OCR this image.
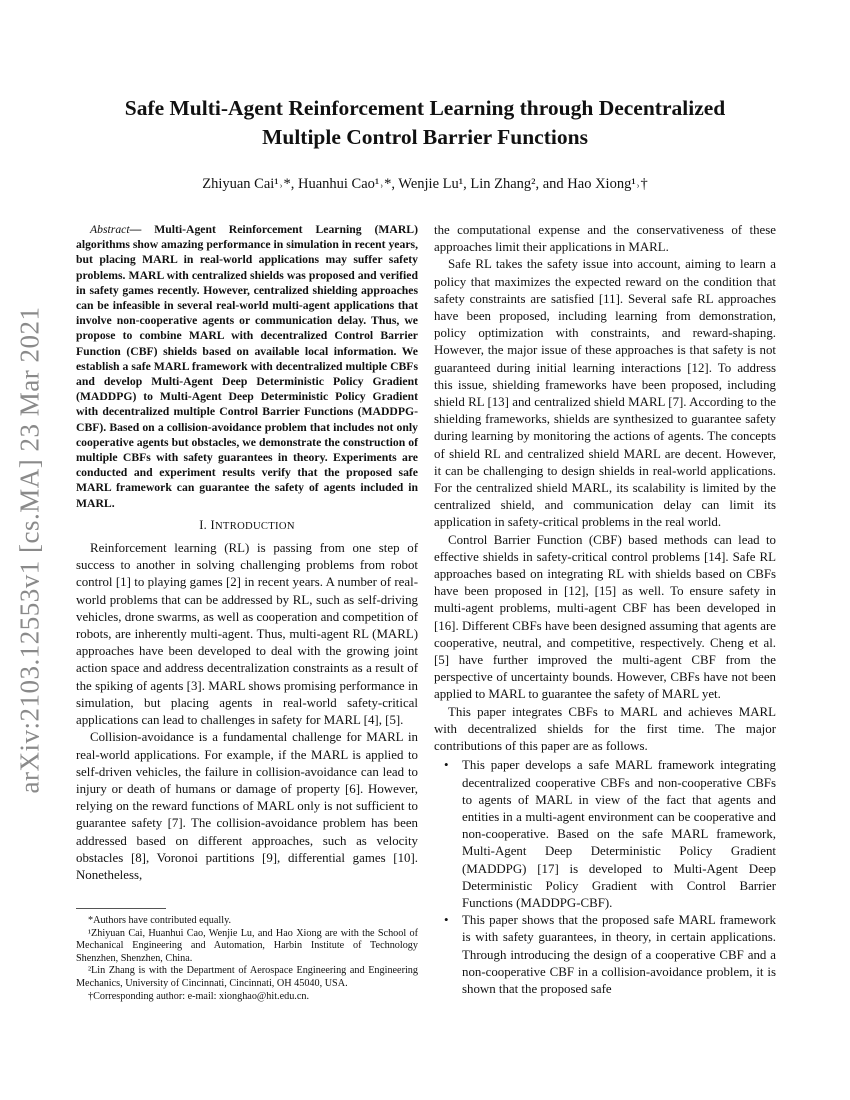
arXiv:2103.12553v1 [cs.MA] 23 Mar 2021
Safe Multi-Agent Reinforcement Learning through Decentralized
Multiple Control Barrier Functions
Zhiyuan Cai¹˒*, Huanhui Cao¹˒*, Wenjie Lu¹, Lin Zhang², and Hao Xiong¹˒†

Abstract— Multi-Agent Reinforcement Learning (MARL) algorithms show amazing performance in simulation in recent years, but placing MARL in real-world applications may suffer safety problems. MARL with centralized shields was proposed and verified in safety games recently. However, centralized shielding approaches can be infeasible in several real-world multi-agent applications that involve non-cooperative agents or communication delay. Thus, we propose to combine MARL with decentralized Control Barrier Function (CBF) shields based on available local information. We establish a safe MARL framework with decentralized multiple CBFs and develop Multi-Agent Deep Deterministic Policy Gradient (MADDPG) to Multi-Agent Deep Deterministic Policy Gradient with decentralized multiple Control Barrier Functions (MADDPG-CBF). Based on a collision-avoidance problem that includes not only cooperative agents but obstacles, we demonstrate the construction of multiple CBFs with safety guarantees in theory. Experiments are conducted and experiment results verify that the proposed safe MARL framework can guarantee the safety of agents included in MARL.

I. INTRODUCTION

Reinforcement learning (RL) is passing from one step of success to another in solving challenging problems from robot control [1] to playing games [2] in recent years. A number of real-world problems that can be addressed by RL, such as self-driving vehicles, drone swarms, as well as cooperation and competition of robots, are inherently multi-agent. Thus, multi-agent RL (MARL) approaches have been developed to deal with the growing joint action space and address decentralization constraints as a result of the spiking of agents [3]. MARL shows promising performance in simulation, but placing agents in real-world safety-critical applications can lead to challenges in safety for MARL [4], [5].

Collision-avoidance is a fundamental challenge for MARL in real-world applications. For example, if the MARL is applied to self-driven vehicles, the failure in collision-avoidance can lead to injury or death of humans or damage of property [6]. However, relying on the reward functions of MARL only is not sufficient to guarantee safety [7]. The collision-avoidance problem has been addressed based on different approaches, such as velocity obstacles [8], Voronoi partitions [9], differential games [10]. Nonetheless,

*Authors have contributed equally.

¹Zhiyuan Cai, Huanhui Cao, Wenjie Lu, and Hao Xiong are with the School of Mechanical Engineering and Automation, Harbin Institute of Technology Shenzhen, Shenzhen, China.

²Lin Zhang is with the Department of Aerospace Engineering and Engineering Mechanics, University of Cincinnati, Cincinnati, OH 45040, USA.

†Corresponding author: e-mail: xionghao@hit.edu.cn.

the computational expense and the conservativeness of these approaches limit their applications in MARL.

Safe RL takes the safety issue into account, aiming to learn a policy that maximizes the expected reward on the condition that safety constraints are satisfied [11]. Several safe RL approaches have been proposed, including learning from demonstration, policy optimization with constraints, and reward-shaping. However, the major issue of these approaches is that safety is not guaranteed during initial learning interactions [12]. To address this issue, shielding frameworks have been proposed, including shield RL [13] and centralized shield MARL [7]. According to the shielding frameworks, shields are synthesized to guarantee safety during learning by monitoring the actions of agents. The concepts of shield RL and centralized shield MARL are decent. However, it can be challenging to design shields in real-world applications. For the centralized shield MARL, its scalability is limited by the centralized shield, and communication delay can limit its application in safety-critical problems in the real world.

Control Barrier Function (CBF) based methods can lead to effective shields in safety-critical control problems [14]. Safe RL approaches based on integrating RL with shields based on CBFs have been proposed in [12], [15] as well. To ensure safety in multi-agent problems, multi-agent CBF has been developed in [16]. Different CBFs have been designed assuming that agents are cooperative, neutral, and competitive, respectively. Cheng et al. [5] have further improved the multi-agent CBF from the perspective of uncertainty bounds. However, CBFs have not been applied to MARL to guarantee the safety of MARL yet.

This paper integrates CBFs to MARL and achieves MARL with decentralized shields for the first time. The major contributions of this paper are as follows.

• This paper develops a safe MARL framework integrating decentralized cooperative CBFs and non-cooperative CBFs to agents of MARL in view of the fact that agents and entities in a multi-agent environment can be cooperative and non-cooperative. Based on the safe MARL framework, Multi-Agent Deep Deterministic Policy Gradient (MADDPG) [17] is developed to Multi-Agent Deep Deterministic Policy Gradient with Control Barrier Functions (MADDPG-CBF).
• This paper shows that the proposed safe MARL framework is with safety guarantees, in theory, in certain applications. Through introducing the design of a cooperative CBF and a non-cooperative CBF in a collision-avoidance problem, it is shown that the proposed safe
